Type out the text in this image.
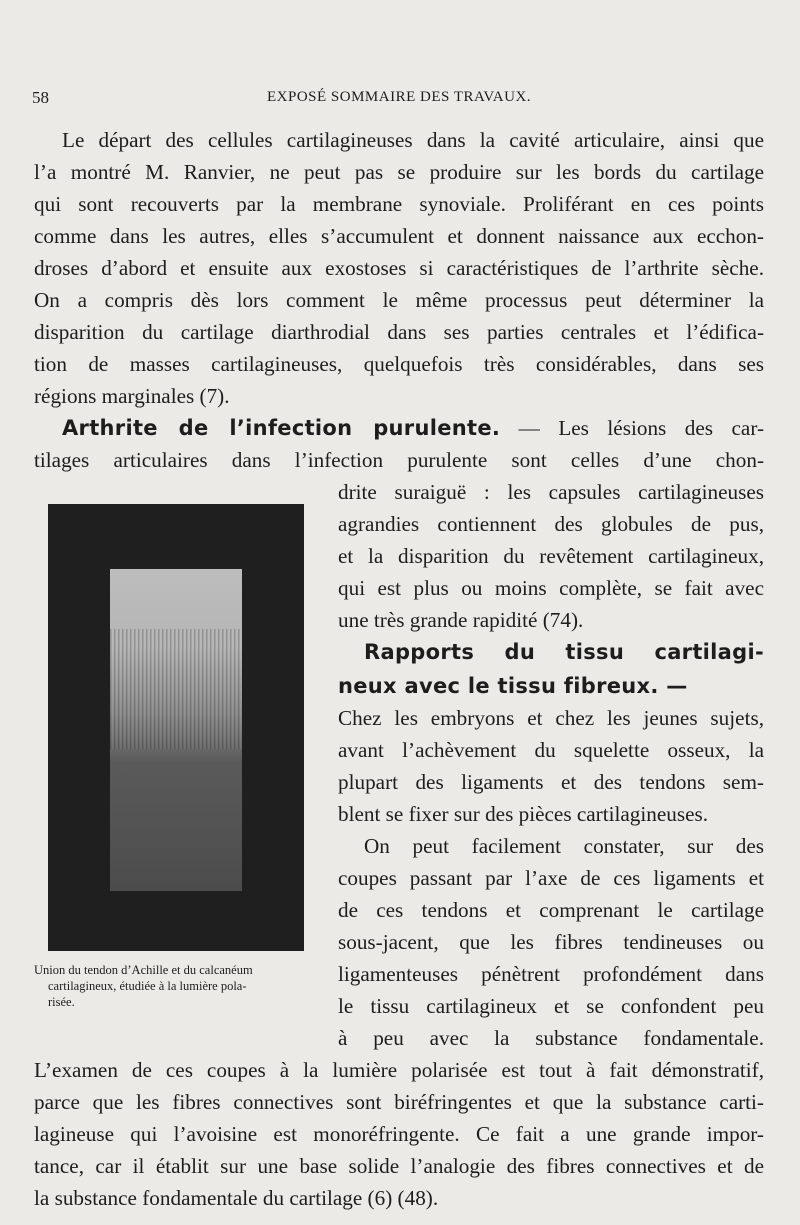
58	EXPOSÉ SOMMAIRE DES TRAVAUX.
Le départ des cellules cartilagineuses dans la cavité articulaire, ainsi que
l’a montré M. Ranvier, ne peut pas se produire sur les bords du cartilage
qui sont recouverts par la membrane synoviale. Proliférant en ces points
comme dans les autres, elles s’accumulent et donnent naissance aux ecchon-
droses d’abord et ensuite aux exostoses si caractéristiques de l’arthrite sèche.
On a compris dès lors comment le même processus peut déterminer la
disparition du cartilage diarthrodial dans ses parties centrales et l’édifica-
tion de masses cartilagineuses, quelquefois très considérables, dans ses
régions marginales (7).
Arthrite de l’infection purulente. — Les lésions des car-
tilages articulaires dans l’infection purulente sont celles d’une chon-
drite suraiguë : les capsules cartilagineuses
agrandies contiennent des globules de pus,
et la disparition du revêtement cartilagineux,
qui est plus ou moins complète, se fait avec
une très grande rapidité (74).
Rapports du tissu cartilagi-
neux avec le tissu fibreux. —
Chez les embryons et chez les jeunes sujets,
avant l’achèvement du squelette osseux, la
plupart des ligaments et des tendons sem-
blent se fixer sur des pièces cartilagineuses.
On peut facilement constater, sur des
coupes passant par l’axe de ces ligaments et
de ces tendons et comprenant le cartilage
sous-jacent, que les fibres tendineuses ou
ligamenteuses pénètrent profondément dans
le tissu cartilagineux et se confondent peu
à peu avec la substance fondamentale.
L’examen de ces coupes à la lumière polarisée est tout à fait démonstratif,
parce que les fibres connectives sont biréfringentes et que la substance carti-
lagineuse qui l’avoisine est monoréfringente. Ce fait a une grande impor-
tance, car il établit sur une base solide l’analogie des fibres connectives et de
la substance fondamentale du cartilage (6) (48).
Union du tendon d’Achille et du calcanéum
cartilagineux, étudiée à la lumière pola-
risée.
